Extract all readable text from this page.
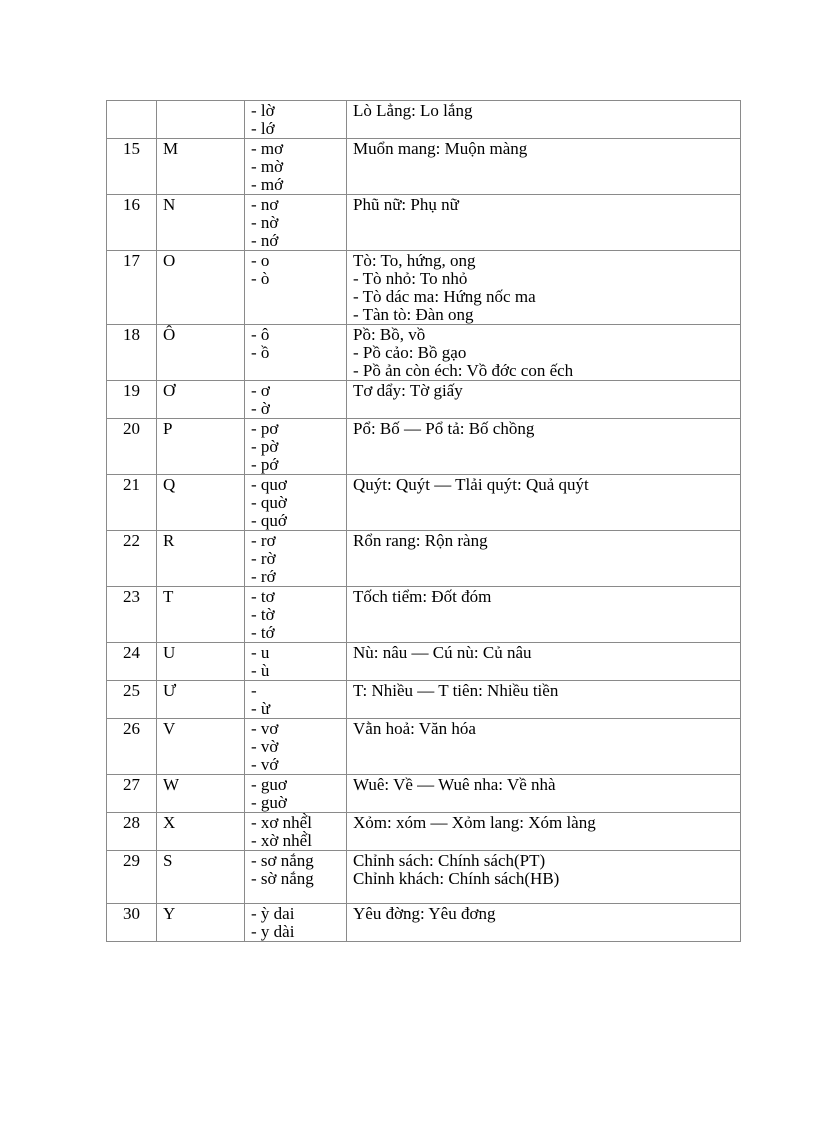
		- lờ
- lớ	Lò Lẳng: Lo lắng

15	M	- mơ
- mờ
- mớ	Muổn mang: Muộn màng

16	N	- nơ
- nờ
- nớ	Phũ nữ: Phụ nữ

17	O	- o
- ò	Tò: To, hứng, ong
- Tò nhỏ: To nhỏ
- Tò dác ma: Hứng nốc ma
- Tàn tò: Đàn ong

18	Ô	- ô
- ồ	Pồ: Bồ, vồ
- Pồ cảo: Bồ gạo
- Pồ ản còn éch: Vồ đớc con ếch

19	Ơ	- ơ
- ờ	Tơ dẩy: Tờ giấy

20	P	- pơ
- pờ
- pớ	Pổ: Bố — Pổ tả: Bố chồng

21	Q	- quơ
- quờ
- quớ	Quýt: Quýt — Tlải quýt: Quả quýt

22	R	- rơ
- rờ
- rớ	Rổn rang: Rộn ràng

23	T	- tơ
- tờ
- tớ	Tốch tiểm: Đốt đóm

24	U	- u
- ù	Nù: nâu — Cú nù: Củ nâu

25	Ư	-
- ừ	T: Nhiều — T tiên: Nhiều tiền

26	V	- vơ
- vờ
- vớ	Vằn hoả: Văn hóa

27	W	- guơ
- guờ	Wuê: Về — Wuê nha: Về nhà

28	X	- xơ nhế̀l
- xờ nhế̀l	Xỏm: xóm — Xỏm lang: Xóm làng

29	S	- sơ nắng
- sờ nắng	Chỉnh sách: Chính sách(PT)
Chỉnh khách: Chính sách(HB)

30	Y	- ỳ dai
- y dài	Yêu đờng: Yêu đơng
